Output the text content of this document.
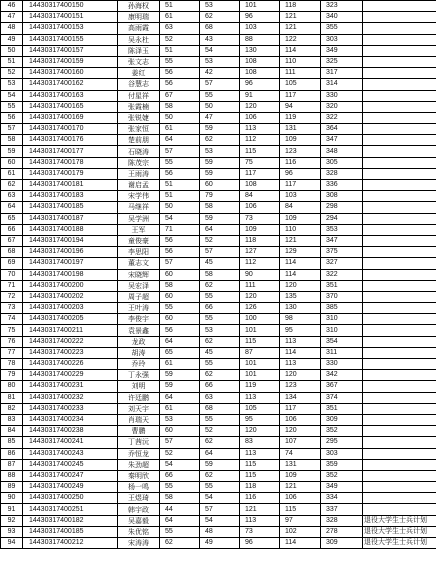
46	14430317400150	孙海权	51	53	101	118	323	
47	14430317400151	康明瑞	61	62	96	121	340	
48	14430317400153	高雨霞	63	68	103	121	355	
49	14430317400155	吴永杜	52	43	88	122	303	
50	14430317400157	陈泽玉	51	54	130	114	349	
51	14430317400159	张文志	55	53	108	110	325	
52	14430317400160	姜红	56	42	108	111	317	
53	14430317400162	谷慧志	56	57	96	105	314	
54	14430317400163	付星祥	67	55	91	117	330	
55	14430317400165	张霞楠	58	50	120	94	320	
56	14430317400169	张锐婕	50	47	106	119	322	
57	14430317400170	张家恒	61	59	113	131	364	
58	14430317400176	楚前朋	64	62	112	109	347	
59	14430317400177	石晓涛	57	53	115	123	348	
60	14430317400178	陈茂宗	55	59	75	116	305	
61	14430317400179	王雨涛	56	59	117	96	328	
62	14430317400181	谢启孟	51	60	108	117	336	
63	14430317400183	宋学伟	51	79	84	103	308	
64	14430317400185	马继祥	50	58	106	84	298	
65	14430317400187	吴学洲	54	59	73	109	294	
66	14430317400188	王军	71	64	109	110	353	
67	14430317400194	童俊豪	56	52	118	121	347	
68	14430317400196	李思阳	56	57	127	129	375	
69	14430317400197	董志文	57	45	112	114	327	
70	14430317400198	宋晓辉	60	58	90	114	322	
71	14430317400200	吴宏泽	58	62	111	120	351	
72	14430317400202	周子超	60	55	120	135	370	
73	14430317400203	王叶涛	55	66	126	130	385	
74	14430317400205	李俊宇	60	55	100	98	310	
75	14430317400211	袁景鑫	56	53	101	95	310	
76	14430317400222	龙政	64	62	115	113	354	
77	14430317400223	胡涛	65	45	87	114	311	
78	14430317400226	乔玲	61	55	101	113	330	
79	14430317400229	丁永强	59	62	101	120	342	
80	14430317400231	刘明	59	66	119	123	367	
81	14430317400232	许廷鹏	64	63	113	134	374	
82	14430317400233	刘天宇	61	68	105	117	351	
83	14430317400234	肖瑞天	53	55	95	106	309	
84	14430317400238	曹鹏	60	52	120	120	352	
85	14430317400241	丁茜沅	57	62	83	107	295	
86	14430317400243	乔恒龙	52	64	113	74	303	
87	14430317400245	朱劲超	54	59	115	131	359	
88	14430317400247	秦明欣	66	62	115	109	352	
89	14430317400249	杨一鸣	55	55	118	121	349	
90	14430317400250	王煜琦	58	54	116	106	334	
91	14430317400251	韩宇政	44	57	121	115	337	
92	14430317400182	吴嘉毅	64	54	113	97	328	退役大学生士兵计划
93	14430317400185	朱优铭	55	48	73	102	278	退役大学生士兵计划
94	14430317400212	宋涛涛	62	49	96	114	309	退役大学生士兵计划
